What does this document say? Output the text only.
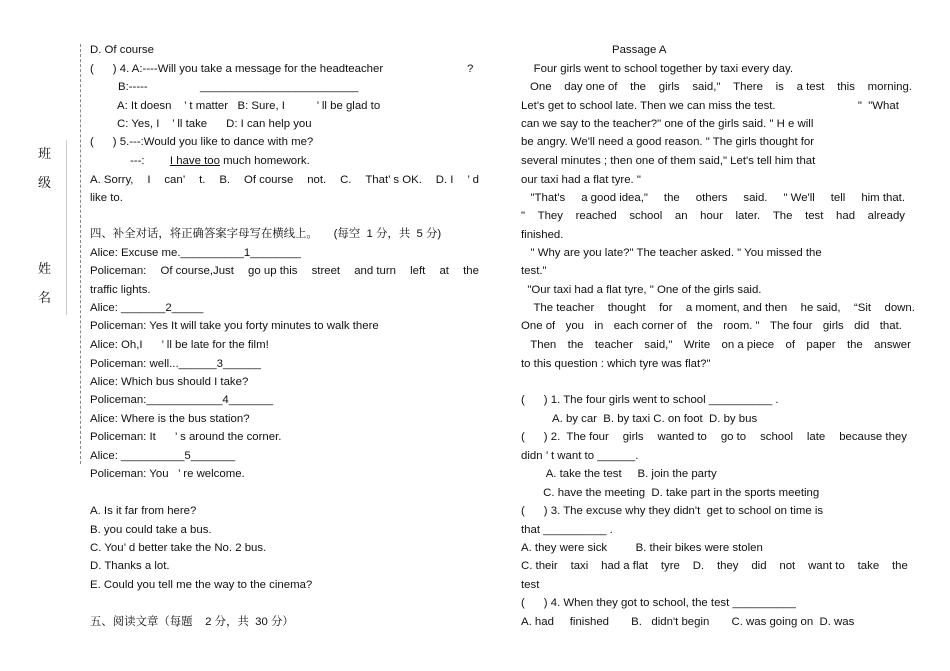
班
级
姓
名
D. Of course
(      ) 4. A:----Will you take a message for the headteacher	?
B:-----	_________________________
A: It doesn    ’ t matter   B: Sure, I          ’ ll be glad to
C: Yes, I    ’ ll take      D: I can help you
(      ) 5.---:Would you like to dance with me?
---:        I have too much homework.
A. Sorry, I can’ t. B. Of course not. C. That’ s OK. D. I ’ d
like to.
四、补全对话，将正确答案字母写在横线上。     (每空  1 分，共  5 分)
Alice: Excuse me.__________1________
Policeman: Of course,Just go up this street and turn left at the
traffic lights.
Alice: _______2_____
Policeman: Yes It will take you forty minutes to walk there
Alice: Oh,I      ’ ll be late for the film!
Policeman: well...______3______
Alice: Which bus should I take?
Policeman:____________4_______
Alice: Where is the bus station?
Policeman: It      ’ s around the corner.
Alice: __________5_______
Policeman: You   ’ re welcome.
A. Is it far from here?
B. you could take a bus.
C. You’ d better take the No. 2 bus.
D. Thanks a lot.
E. Could you tell me the way to the cinema?
五、阅读文章（每题    2 分，共  30 分）
Passage A
Four girls went to school together by taxi every day.
One day one of the girls said," There is a test this morning.
Let's get to school late. Then we can miss the test.                          "  "What
can we say to the teacher?" one of the girls said. " H e will
be angry. We'll need a good reason. " The girls thought for
several minutes ; then one of them said," Let's tell him that
our taxi had a flat tyre. "
"That's a good idea," the others said. " We'll tell him that.
" They reached school an hour later. The test had already
finished.
" Why are you late?" The teacher asked. " You missed the
test."
"Our taxi had a flat tyre, " One of the girls said.
The teacher thought for a moment, and then he said, “Sit down.
One of you in each corner of the room. " The four girls did that.
Then the teacher said," Write on a piece of paper the answer
to this question : which tyre was flat?"
(      ) 1. The four girls went to school __________ .
A. by car  B. by taxi C. on foot  D. by bus
(      ) 2.  The four girls wanted to go to school late because they
didn ’ t want to ______.
A. take the test     B. join the party
C. have the meeting  D. take part in the sports meeting
(      ) 3. The excuse why they didn't  get to school on time is
that __________ .
A. they were sick         B. their bikes were stolen
C. their taxi had a flat tyre D. they did not want to take the
test
(      ) 4. When they got to school, the test __________
A. had     finished       B.   didn't begin       C. was going on  D. was
